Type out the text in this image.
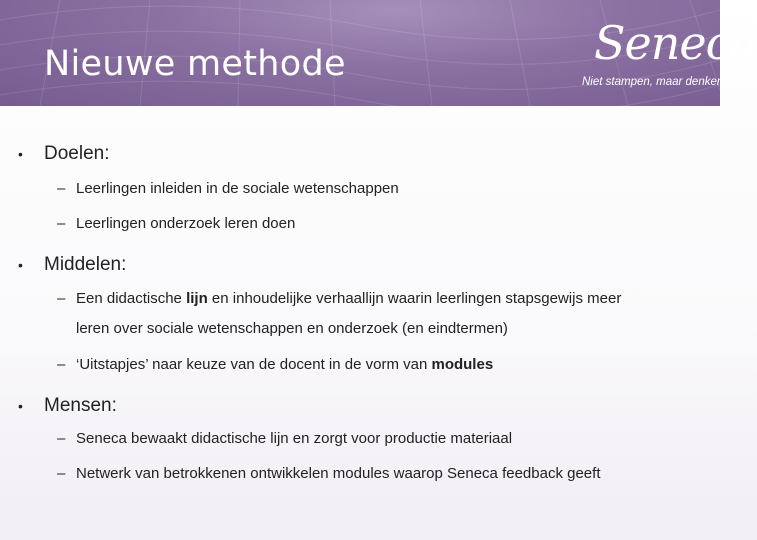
Nieuwe methode	Seneca
Niet stampen, maar denken.
• Doelen:
– Leerlingen inleiden in de sociale wetenschappen
– Leerlingen onderzoek leren doen
• Middelen:
– Een didactische lijn en inhoudelijke verhaallijn waarin leerlingen stapsgewijs meer
leren over sociale wetenschappen en onderzoek (en eindtermen)
– ‘Uitstapjes’ naar keuze van de docent in de vorm van modules
• Mensen:
– Seneca bewaakt didactische lijn en zorgt voor productie materiaal
– Netwerk van betrokkenen ontwikkelen modules waarop Seneca feedback geeft
